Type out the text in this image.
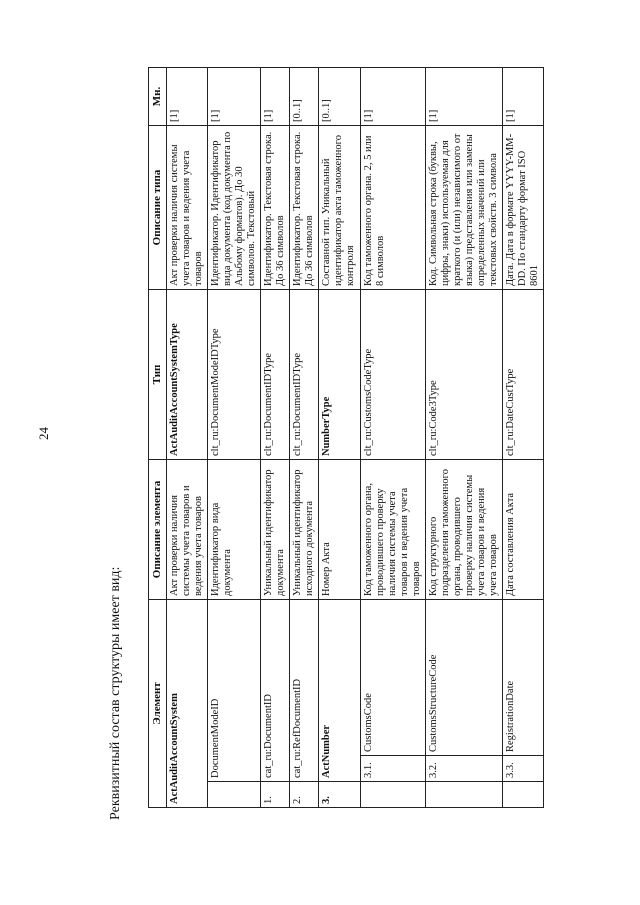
24
Реквизитный состав структуры имеет вид:	Элемент			Описание элемента	Тип	Описание типа	Мн.
ActAuditAccountSystem			Акт проверки наличия системы учета товаров и ведения учета товаров	ActAuditAccountSystemType	Акт проверки наличия системы учета товаров и ведения учета товаров	[1]
	DocumentModeID		Идентификатор вида документа	clt_ru:DocumentModeIDType	Идентификатор. Идентификатор вида документа (код документа по Альбому форматов). До 30 символов. Текстовый	[1]
1.	cat_ru:DocumentID		Уникальный идентификатор документа	clt_ru:DocumentIDType	Идентификатор. Текстовая строка. До 36 символов	[1]
2.	cat_ru:RefDocumentID		Уникальный идентификатор исходного документа	clt_ru:DocumentIDType	Идентификатор. Текстовая строка. До 36 символов	[0..1]
3.	ActNumber		Номер Акта	NumberType	Составной тип. Уникальный идентификатор акта таможенного контроля	[0..1]
	3.1.	CustomsCode	Код таможенного органа, проводившего проверку наличия системы учета товаров и ведения учета товаров	clt_ru:CustomsCodeType	Код таможенного органа. 2, 5 или 8 символов	[1]
	3.2.	CustomsStructureCode	Код структурного подразделения таможенного органа, проводившего проверку наличия системы учета товаров и ведения учета товаров	clt_ru:Code3Type	Код. Символьная строка (буквы, цифры, знаки) используемая для краткого (и (или) независимого от языка) представления или замены определенных значений или текстовых свойств. 3 символа	[1]
	3.3.	RegistrationDate	Дата составления Акта	clt_ru:DateCustType	Дата. Дата в формате YYYY-MM-DD. По стандарту формат ISO 8601	[1]
